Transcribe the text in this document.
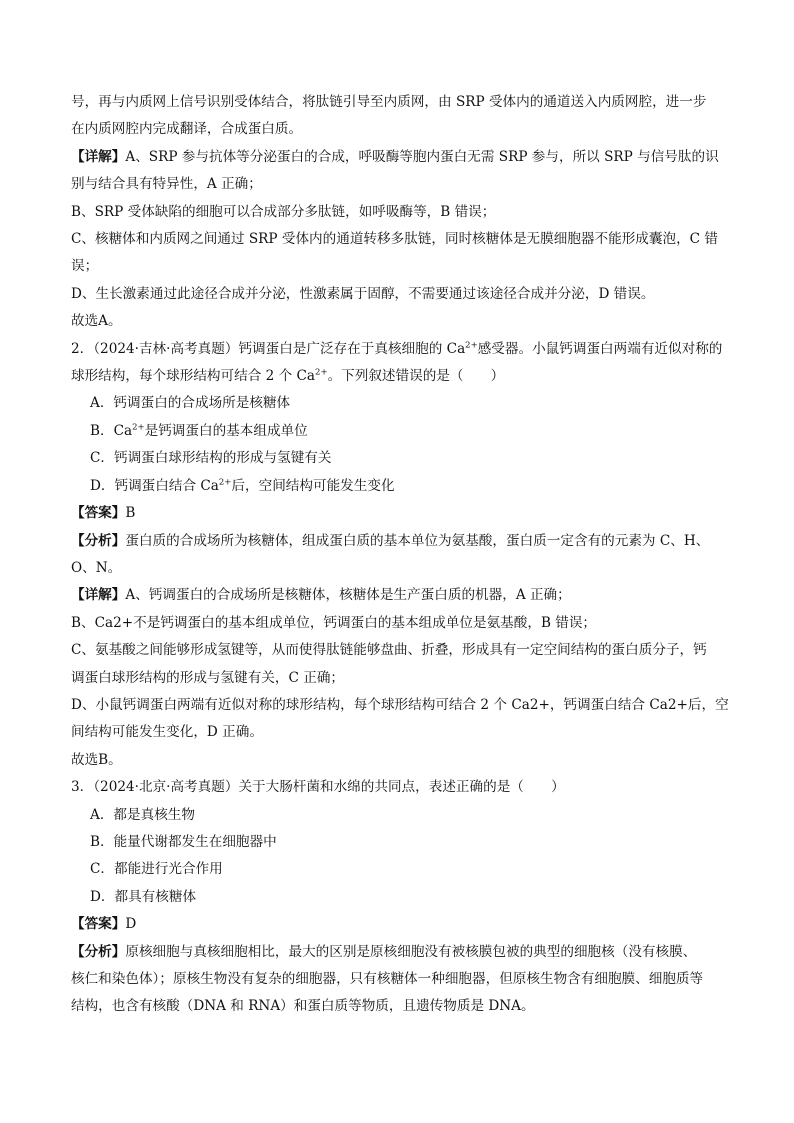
号，再与内质网上信号识别受体结合，将肽链引导至内质网，由 SRP 受体内的通道送入内质网腔，进一步

在内质网腔内完成翻译，合成蛋白质。

【详解】A、SRP 参与抗体等分泌蛋白的合成，呼吸酶等胞内蛋白无需 SRP 参与，所以 SRP 与信号肽的识

别与结合具有特异性，A 正确；

B、SRP 受体缺陷的细胞可以合成部分多肽链，如呼吸酶等，B 错误；

C、核糖体和内质网之间通过 SRP 受体内的通道转移多肽链，同时核糖体是无膜细胞器不能形成囊泡，C 错

误；

D、生长激素通过此途径合成并分泌，性激素属于固醇，不需要通过该途径合成并分泌，D 错误。

故选A。

2．（2024·吉林·高考真题）钙调蛋白是广泛存在于真核细胞的 $Ca^{2+}$感受器。小鼠钙调蛋白两端有近似对称的

球形结构，每个球形结构可结合 2 个 $Ca^{2+}$。下列叙述错误的是（　　）

A．钙调蛋白的合成场所是核糖体

B．$Ca^{2+}$是钙调蛋白的基本组成单位

C．钙调蛋白球形结构的形成与氢键有关

D．钙调蛋白结合 $Ca^{2+}$后，空间结构可能发生变化

【答案】B

【分析】蛋白质的合成场所为核糖体，组成蛋白质的基本单位为氨基酸，蛋白质一定含有的元素为 C、H、

O、N。

【详解】A、钙调蛋白的合成场所是核糖体，核糖体是生产蛋白质的机器，A 正确；

B、Ca2+不是钙调蛋白的基本组成单位，钙调蛋白的基本组成单位是氨基酸，B 错误；

C、氨基酸之间能够形成氢键等，从而使得肽链能够盘曲、折叠，形成具有一定空间结构的蛋白质分子，钙

调蛋白球形结构的形成与氢键有关，C 正确；

D、小鼠钙调蛋白两端有近似对称的球形结构，每个球形结构可结合 2 个 Ca2+，钙调蛋白结合 Ca2+后，空

间结构可能发生变化，D 正确。

故选B。

3．（2024·北京·高考真题）关于大肠杆菌和水绵的共同点，表述正确的是（　　）

A．都是真核生物

B．能量代谢都发生在细胞器中

C．都能进行光合作用

D．都具有核糖体

【答案】D

【分析】原核细胞与真核细胞相比，最大的区别是原核细胞没有被核膜包被的典型的细胞核（没有核膜、

核仁和染色体）；原核生物没有复杂的细胞器，只有核糖体一种细胞器，但原核生物含有细胞膜、细胞质等

结构，也含有核酸（DNA 和 RNA）和蛋白质等物质，且遗传物质是 DNA。
